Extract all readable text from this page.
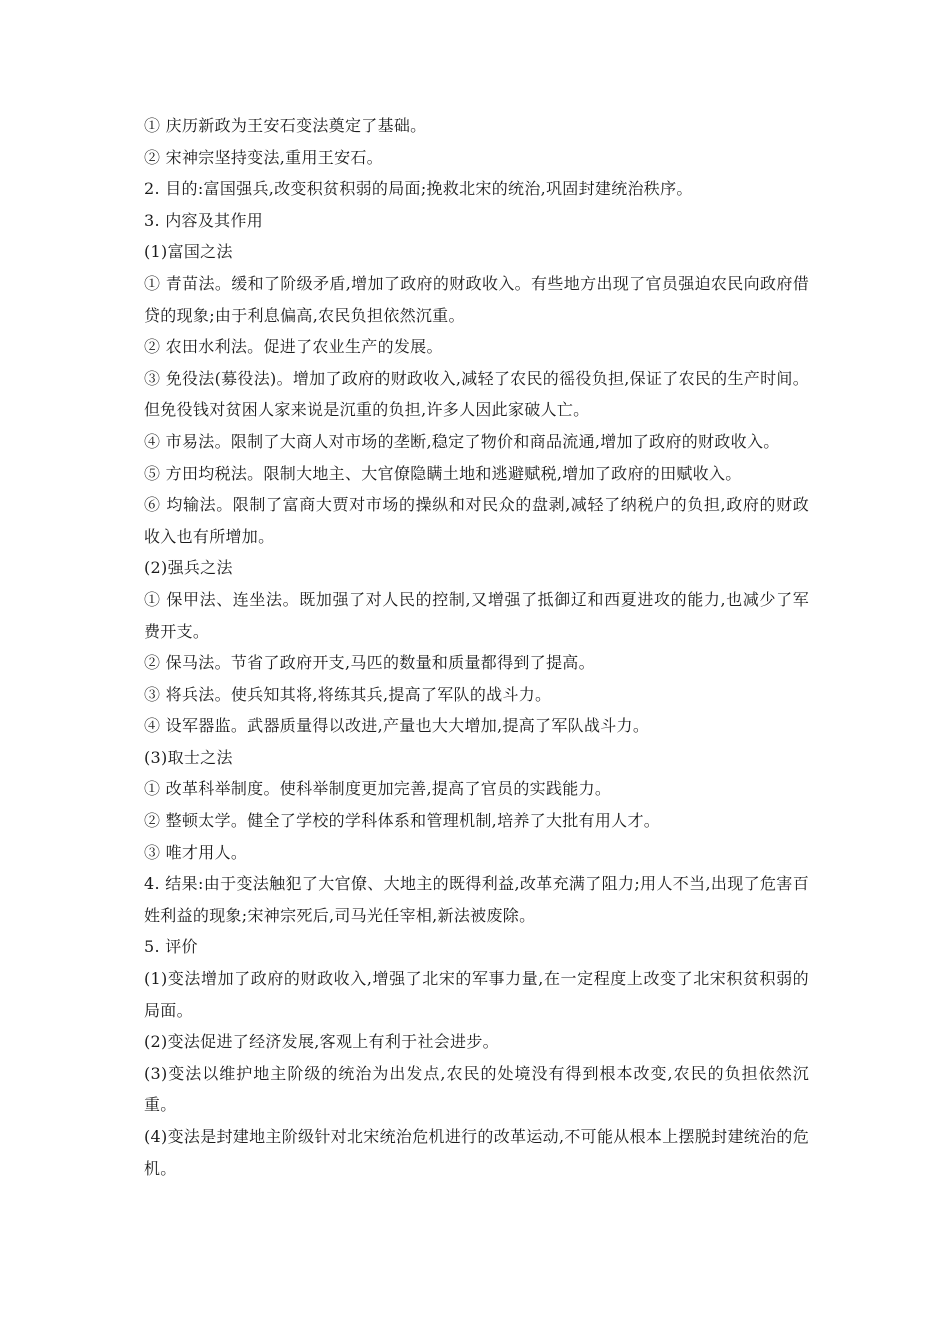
① 庆历新政为王安石变法奠定了基础。

② 宋神宗坚持变法,重用王安石。

2. 目的:富国强兵,改变积贫积弱的局面;挽救北宋的统治,巩固封建统治秩序。

3. 内容及其作用

(1)富国之法

① 青苗法。缓和了阶级矛盾,增加了政府的财政收入。有些地方出现了官员强迫农民向政府借贷的现象;由于利息偏高,农民负担依然沉重。

② 农田水利法。促进了农业生产的发展。

③ 免役法(募役法)。增加了政府的财政收入,减轻了农民的徭役负担,保证了农民的生产时间。但免役钱对贫困人家来说是沉重的负担,许多人因此家破人亡。

④ 市易法。限制了大商人对市场的垄断,稳定了物价和商品流通,增加了政府的财政收入。

⑤ 方田均税法。限制大地主、大官僚隐瞒土地和逃避赋税,增加了政府的田赋收入。

⑥ 均输法。限制了富商大贾对市场的操纵和对民众的盘剥,减轻了纳税户的负担,政府的财政收入也有所增加。

(2)强兵之法

① 保甲法、连坐法。既加强了对人民的控制,又增强了抵御辽和西夏进攻的能力,也减少了军费开支。

② 保马法。节省了政府开支,马匹的数量和质量都得到了提高。

③ 将兵法。使兵知其将,将练其兵,提高了军队的战斗力。

④ 设军器监。武器质量得以改进,产量也大大增加,提高了军队战斗力。

(3)取士之法

① 改革科举制度。使科举制度更加完善,提高了官员的实践能力。

② 整顿太学。健全了学校的学科体系和管理机制,培养了大批有用人才。

③ 唯才用人。

4. 结果:由于变法触犯了大官僚、大地主的既得利益,改革充满了阻力;用人不当,出现了危害百姓利益的现象;宋神宗死后,司马光任宰相,新法被废除。

5. 评价

(1)变法增加了政府的财政收入,增强了北宋的军事力量,在一定程度上改变了北宋积贫积弱的局面。

(2)变法促进了经济发展,客观上有利于社会进步。

(3)变法以维护地主阶级的统治为出发点,农民的处境没有得到根本改变,农民的负担依然沉重。

(4)变法是封建地主阶级针对北宋统治危机进行的改革运动,不可能从根本上摆脱封建统治的危机。
